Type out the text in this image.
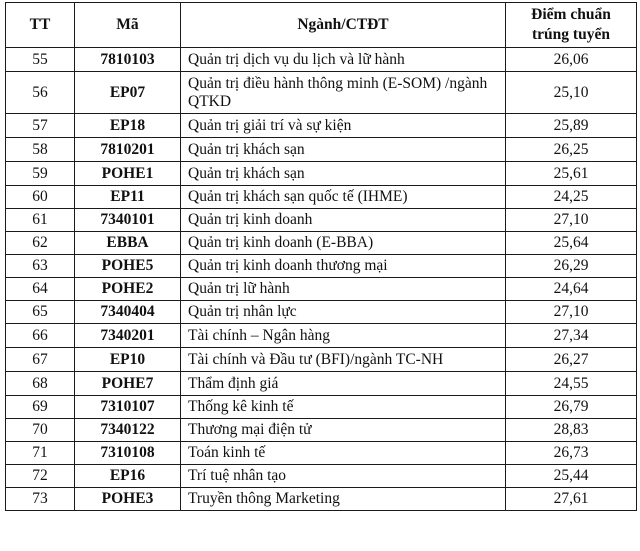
TT	Mã	Ngành/CTĐT	Điểm chuẩn
trúng tuyển

55	7810103	Quản trị dịch vụ du lịch và lữ hành	26,06
56	EP07	Quản trị điều hành thông minh (E-SOM) /ngành QTKD	25,10
57	EP18	Quản trị giải trí và sự kiện	25,89
58	7810201	Quản trị khách sạn	26,25
59	POHE1	Quản trị khách sạn	25,61
60	EP11	Quản trị khách sạn quốc tế (IHME)	24,25
61	7340101	Quản trị kinh doanh	27,10
62	EBBA	Quản trị kinh doanh (E-BBA)	25,64
63	POHE5	Quản trị kinh doanh thương mại	26,29
64	POHE2	Quản trị lữ hành	24,64
65	7340404	Quản trị nhân lực	27,10
66	7340201	Tài chính – Ngân hàng	27,34
67	EP10	Tài chính và Đầu tư (BFI)/ngành TC-NH	26,27
68	POHE7	Thẩm định giá	24,55
69	7310107	Thống kê kinh tế	26,79
70	7340122	Thương mại điện tử	28,83
71	7310108	Toán kinh tế	26,73
72	EP16	Trí tuệ nhân tạo	25,44
73	POHE3	Truyền thông Marketing	27,61
